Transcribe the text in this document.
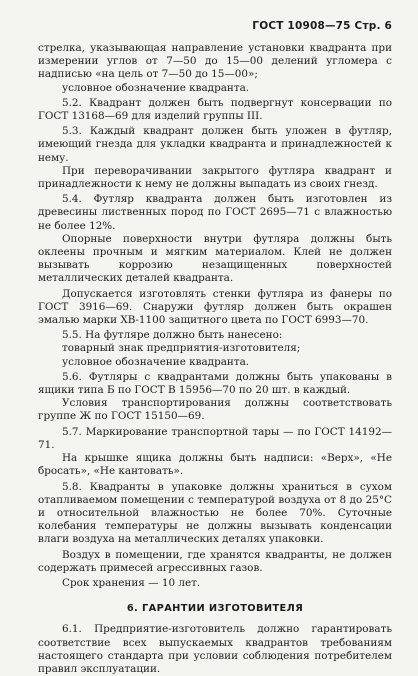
ГОСТ 10908—75 Стр. 6

стрелка, указывающая направление установки квадранта при измерении углов от 7—50 до 15—00 делений угломера с надписью «на цель от 7—50 до 15—00»;

условное обозначение квадранта.

5.2. Квадрант должен быть подвергнут консервации по ГОСТ 13168—69 для изделий группы III.

5.3. Каждый квадрант должен быть уложен в футляр, имеющий гнезда для укладки квадранта и принадлежностей к нему.

При переворачивании закрытого футляра квадрант и принадлежности к нему не должны выпадать из своих гнезд.

5.4. Футляр квадранта должен быть изготовлен из древесины лиственных пород по ГОСТ 2695—71 с влажностью не более 12%.

Опорные поверхности внутри футляра должны быть оклеены прочным и мягким материалом. Клей не должен вызывать коррозию незащищенных поверхностей металлических деталей квадранта.

Допускается изготовлять стенки футляра из фанеры по ГОСТ 3916—69. Снаружи футляр должен быть окрашен эмалью марки ХВ-1100 защитного цвета по ГОСТ 6993—70.

5.5. На футляре должно быть нанесено:

товарный знак предприятия-изготовителя;

условное обозначение квадранта.

5.6. Футляры с квадрантами должны быть упакованы в ящики типа Б по ГОСТ В 15956—70 по 20 шт. в каждый.

Условия транспортирования должны соответствовать группе Ж по ГОСТ 15150—69.

5.7. Маркирование транспортной тары — по ГОСТ 14192—71.

На крышке ящика должны быть надписи: «Верх», «Не бросать», «Не кантовать».

5.8. Квадранты в упаковке должны храниться в сухом отапливаемом помещении с температурой воздуха от 8 до 25°С и относительной влажностью не более 70%. Суточные колебания температуры не должны вызывать конденсации влаги воздуха на металлических деталях упаковки.

Воздух в помещении, где хранятся квадранты, не должен содержать примесей агрессивных газов.

Срок хранения — 10 лет.

6. ГАРАНТИИ ИЗГОТОВИТЕЛЯ

6.1. Предприятие-изготовитель должно гарантировать соответствие всех выпускаемых квадрантов требованиям настоящего стандарта при условии соблюдения потребителем правил эксплуатации.
